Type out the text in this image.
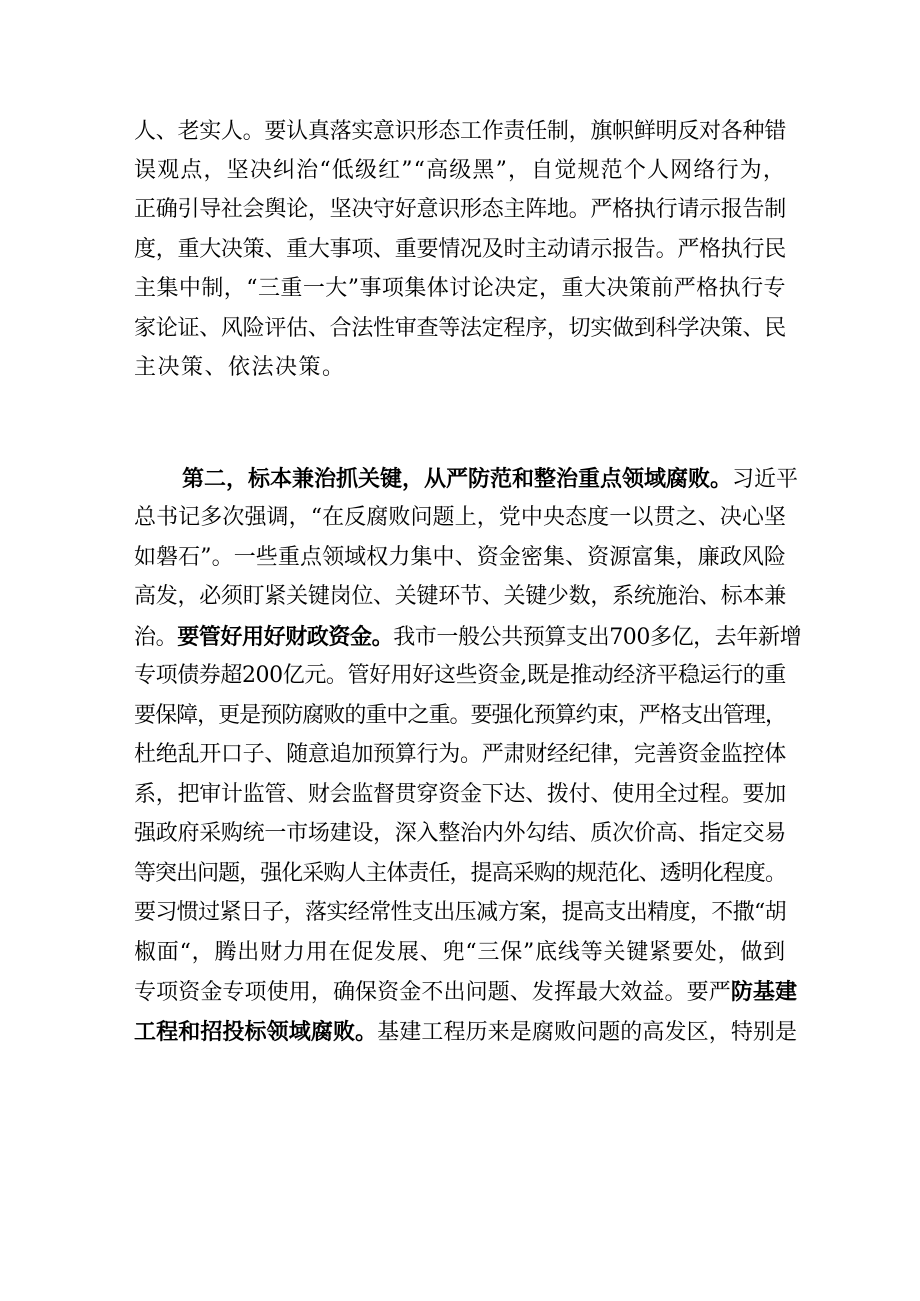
人、老实人。要认真落实意识形态工作责任制，旗帜鲜明反对各种错
误观点，坚决纠治“低级红”“高级黑”，自觉规范个人网络行为，
正确引导社会舆论，坚决守好意识形态主阵地。严格执行请示报告制
度，重大决策、重大事项、重要情况及时主动请示报告。严格执行民
主集中制，“三重一大”事项集体讨论决定，重大决策前严格执行专
家论证、风险评估、合法性审查等法定程序，切实做到科学决策、民
主决策、依法决策。
第二，标本兼治抓关键，从严防范和整治重点领域腐败。习近平
总书记多次强调，“在反腐败问题上，党中央态度一以贯之、决心坚
如磐石”。一些重点领域权力集中、资金密集、资源富集，廉政风险
高发，必须盯紧关键岗位、关键环节、关键少数，系统施治、标本兼
治。要管好用好财政资金。我市一般公共预算支出700多亿，去年新增
专项债券超200亿元。管好用好这些资金,既是推动经济平稳运行的重
要保障，更是预防腐败的重中之重。要强化预算约束，严格支出管理，
杜绝乱开口子、随意追加预算行为。严肃财经纪律，完善资金监控体
系，把审计监管、财会监督贯穿资金下达、拨付、使用全过程。要加
强政府采购统一市场建设，深入整治内外勾结、质次价高、指定交易
等突出问题，强化采购人主体责任，提高采购的规范化、透明化程度。
要习惯过紧日子，落实经常性支出压减方案，提高支出精度，不撒“胡
椒面“，腾出财力用在促发展、兜“三保”底线等关键紧要处，做到
专项资金专项使用，确保资金不出问题、发挥最大效益。要严防基建
工程和招投标领域腐败。基建工程历来是腐败问题的高发区，特别是
